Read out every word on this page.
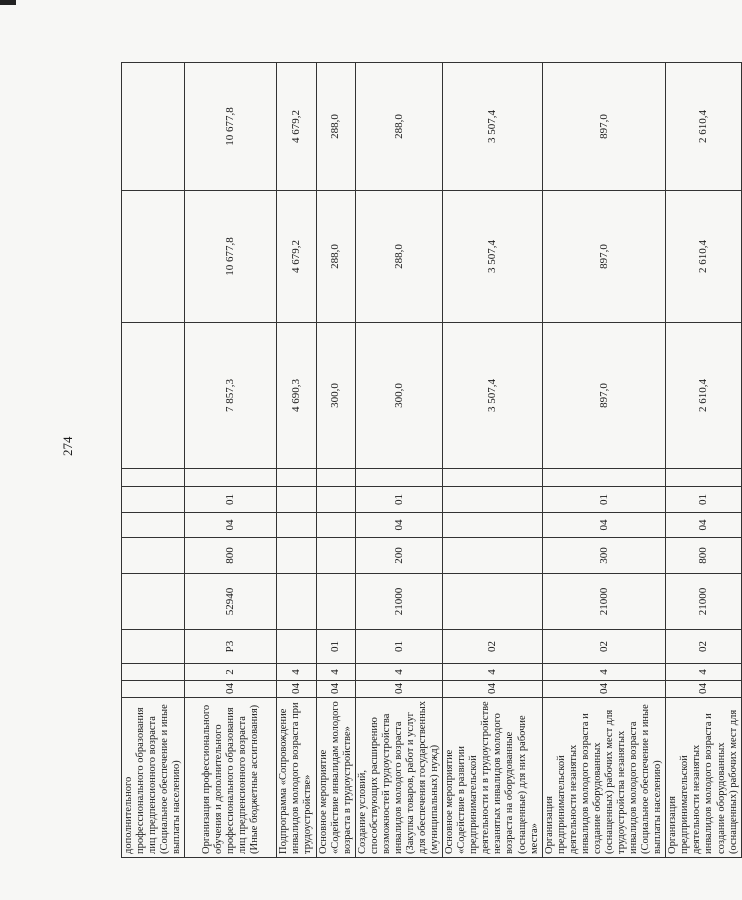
274
дополнительного профессионального образования лиц предпенсионного возраста (Социальное обеспечение и иные выплаты населению)											
Организация профессионального обучения и дополнительного профессионального образования лиц предпенсионного возраста (Иные бюджетные ассигнования)	04	2	Р3	52940	800	04	01		7 857,3	10 677,8	10 677,8
Подпрограмма «Сопровождение инвалидов молодого возраста при трудоустройстве»	04	4							4 690,3	4 679,2	4 679,2
Основное мероприятие «Содействие инвалидам молодого возраста в трудоустройстве»	04	4	01						300,0	288,0	288,0
Создание условий, способствующих расширению возможностей трудоустройства инвалидов молодого возраста (Закупка товаров, работ и услуг для обеспечения государственных (муниципальных) нужд)	04	4	01	21000	200	04	01		300,0	288,0	288,0
Основное мероприятие «Содействие в развитии предпринимательской деятельности и в трудоустройстве незанятых инвалидов молодого возраста на оборудованные (оснащенные) для них рабочие места»	04	4	02						3 507,4	3 507,4	3 507,4
Организация предпринимательской деятельности незанятых инвалидов молодого возраста и создание оборудованных (оснащенных) рабочих мест для трудоустройства незанятых инвалидов молодого возраста (Социальное обеспечение и иные выплаты населению)	04	4	02	21000	300	04	01		897,0	897,0	897,0
Организация предпринимательской деятельности незанятых инвалидов молодого возраста и создание оборудованных (оснащенных) рабочих мест для	04	4	02	21000	800	04	01		2 610,4	2 610,4	2 610,4
